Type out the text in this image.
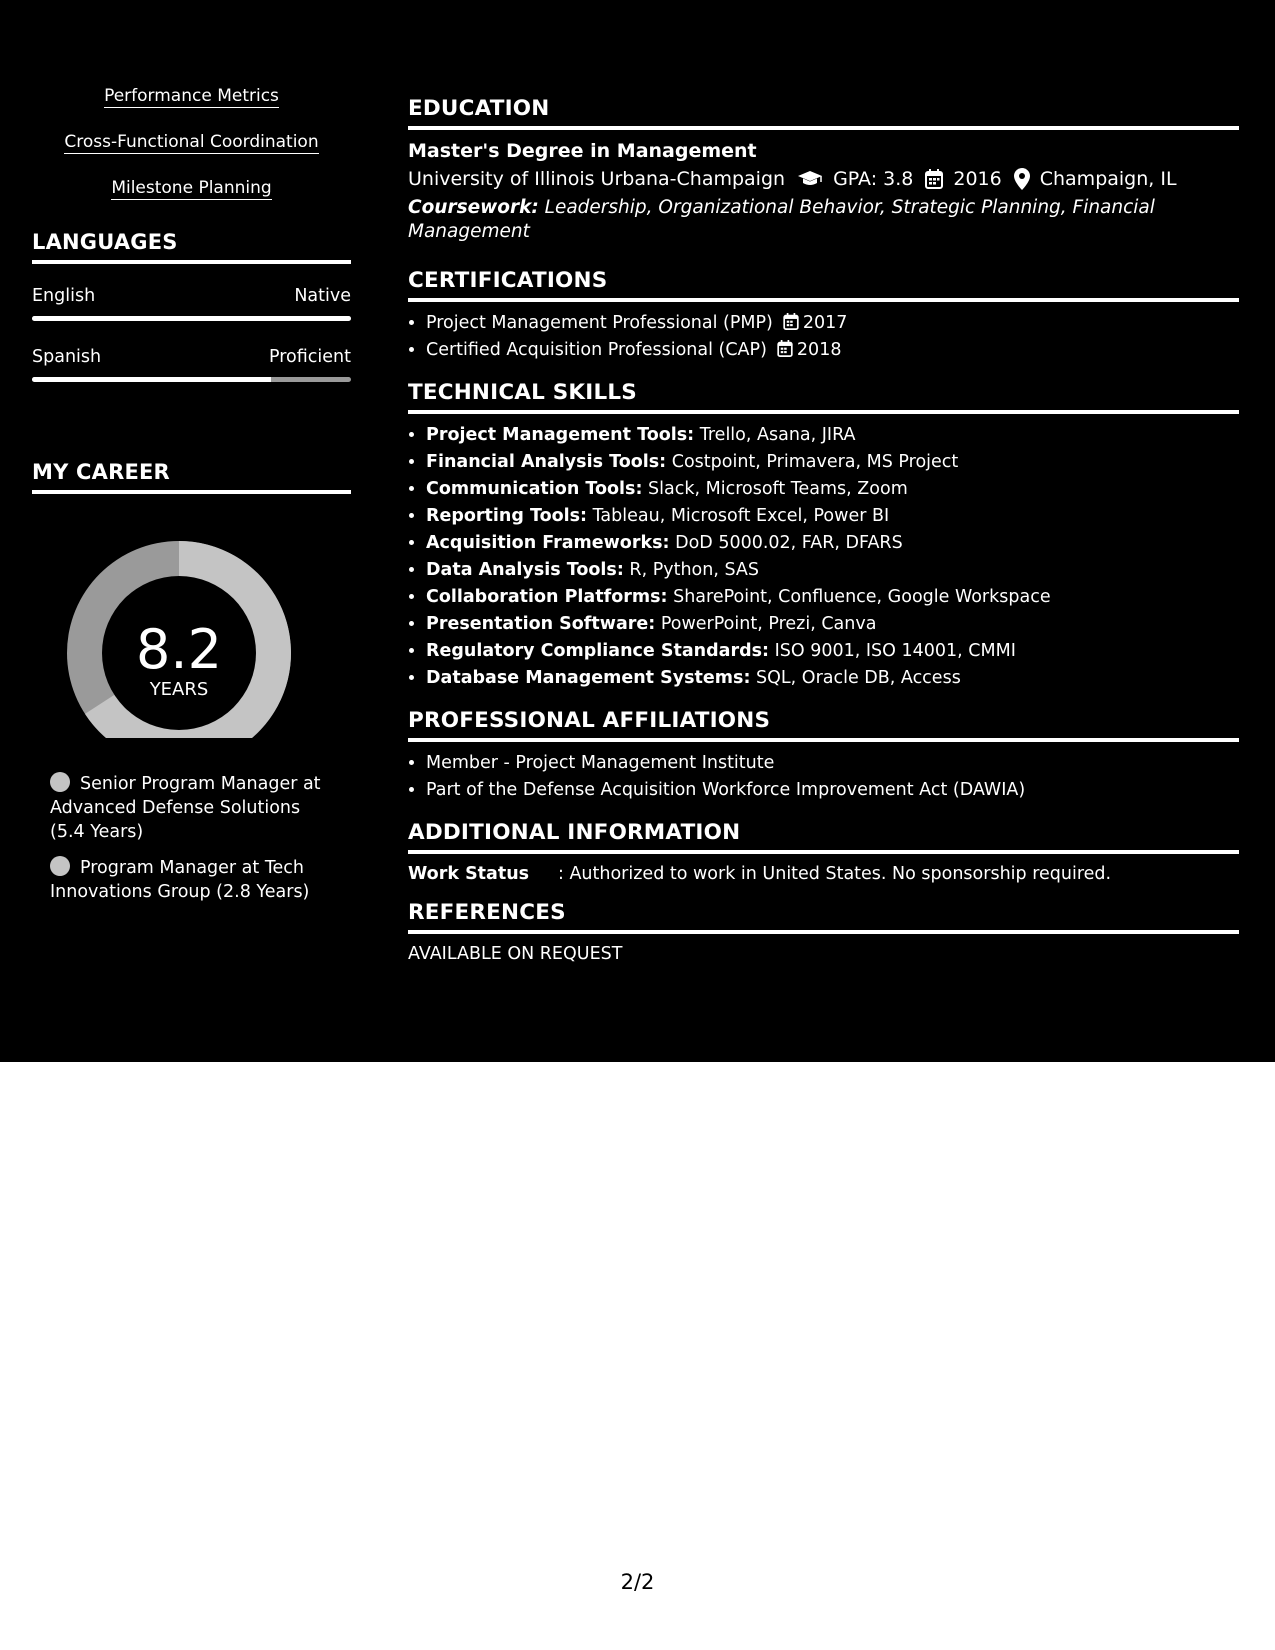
Performance Metrics
Cross-Functional Coordination
Milestone Planning
LANGUAGES
English	Native
Spanish	Proficient
MY CAREER
8.2
YEARS
Senior Program Manager at Advanced Defense Solutions (5.4 Years)
Program Manager at Tech Innovations Group (2.8 Years)
EDUCATION
Master's Degree in Management
University of Illinois Urbana-Champaign	GPA: 3.8 2016 Champaign, IL
Coursework: Leadership, Organizational Behavior, Strategic Planning, Financial Management
CERTIFICATIONS
• Project Management Professional (PMP) 2017
• Certified Acquisition Professional (CAP) 2018
TECHNICAL SKILLS
• Project Management Tools: Trello, Asana, JIRA
• Financial Analysis Tools: Costpoint, Primavera, MS Project
• Communication Tools: Slack, Microsoft Teams, Zoom
• Reporting Tools: Tableau, Microsoft Excel, Power BI
• Acquisition Frameworks: DoD 5000.02, FAR, DFARS
• Data Analysis Tools: R, Python, SAS
• Collaboration Platforms: SharePoint, Confluence, Google Workspace
• Presentation Software: PowerPoint, Prezi, Canva
• Regulatory Compliance Standards: ISO 9001, ISO 14001, CMMI
• Database Management Systems: SQL, Oracle DB, Access
PROFESSIONAL AFFILIATIONS
• Member - Project Management Institute
• Part of the Defense Acquisition Workforce Improvement Act (DAWIA)
ADDITIONAL INFORMATION
Work Status	: Authorized to work in United States. No sponsorship required.
REFERENCES
AVAILABLE ON REQUEST
2/2
